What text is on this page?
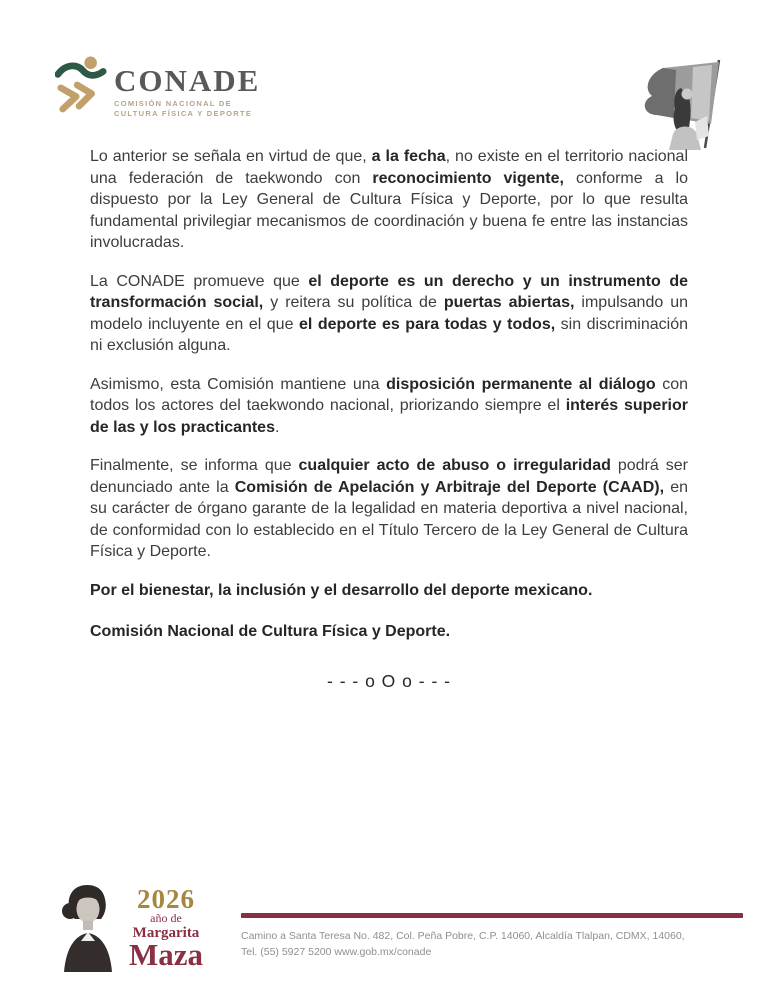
CONADE
COMISIÓN NACIONAL DE
CULTURA FÍSICA Y DEPORTE

Lo anterior se señala en virtud de que, a la fecha, no existe en el territorio nacional una federación de taekwondo con reconocimiento vigente, conforme a lo dispuesto por la Ley General de Cultura Física y Deporte, por lo que resulta fundamental privilegiar mecanismos de coordinación y buena fe entre las instancias involucradas.

La CONADE promueve que el deporte es un derecho y un instrumento de transformación social, y reitera su política de puertas abiertas, impulsando un modelo incluyente en el que el deporte es para todas y todos, sin discriminación ni exclusión alguna.

Asimismo, esta Comisión mantiene una disposición permanente al diálogo con todos los actores del taekwondo nacional, priorizando siempre el interés superior de las y los practicantes.

Finalmente, se informa que cualquier acto de abuso o irregularidad podrá ser denunciado ante la Comisión de Apelación y Arbitraje del Deporte (CAAD), en su carácter de órgano garante de la legalidad en materia deportiva a nivel nacional, de conformidad con lo establecido en el Título Tercero de la Ley General de Cultura Física y Deporte.

Por el bienestar, la inclusión y el desarrollo del deporte mexicano.

Comisión Nacional de Cultura Física y Deporte.

- - - o O o - - -
2026
año de
Margarita
Maza
Camino a Santa Teresa No. 482, Col. Peña Pobre, C.P. 14060, Alcaldía Tlalpan, CDMX, 14060,
Tel. (55) 5927 5200 www.gob.mx/conade
